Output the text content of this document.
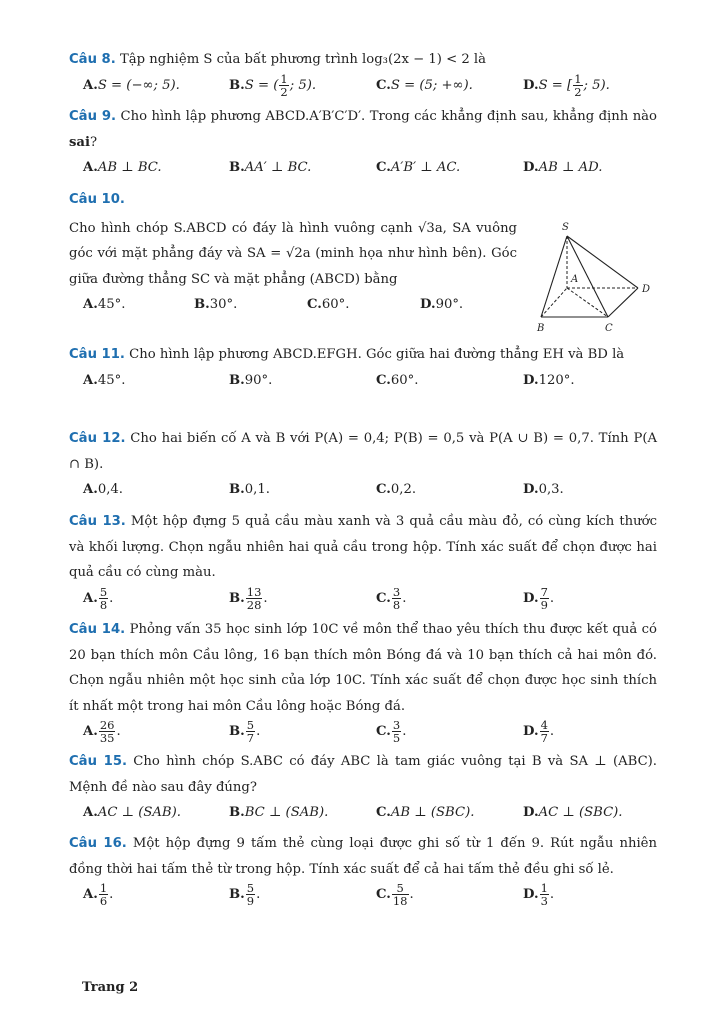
Câu 8. Tập nghiệm S của bất phương trình log₃(2x − 1) < 2 là
A.S = (−∞; 5).	B.S = ( $\frac{1}{2}$ ; 5).	C.S = (5; +∞).	D.S = [ $\frac{1}{2}$ ; 5).
Câu 9. Cho hình lập phương ABCD.A′B′C′D′. Trong các khẳng định sau, khẳng định nào sai?
A.AB ⊥ BC.	B.AA′ ⊥ BC.	C.A′B′ ⊥ AC.	D.AB ⊥ AD.
Câu 10.
Cho hình chóp S.ABCD có đáy là hình vuông cạnh √3a, SA vuông góc với mặt phẳng đáy và SA = √2a (minh họa như hình bên). Góc giữa đường thẳng SC và mặt phẳng (ABCD) bằng
A.45°.	B.30°.	C.60°.	D.90°.
S
A
B	C
D
Câu 11. Cho hình lập phương ABCD.EFGH. Góc giữa hai đường thẳng EH và BD là
A.45°.	B.90°.	C.60°.	D.120°.
Câu 12. Cho hai biến cố A và B với P(A) = 0,4; P(B) = 0,5 và P(A ∪ B) = 0,7. Tính P(A ∩ B).
A.0,4.	B.0,1.	C.0,2.	D.0,3.
Câu 13. Một hộp đựng 5 quả cầu màu xanh và 3 quả cầu màu đỏ, có cùng kích thước và khối lượng. Chọn ngẫu nhiên hai quả cầu trong hộp. Tính xác suất để chọn được hai quả cầu có cùng màu.
A. $\frac{5}{8}$ .	B. $\frac{13}{28}$ .	C. $\frac{3}{8}$ .	D. $\frac{7}{9}$ .
Câu 14. Phỏng vấn 35 học sinh lớp 10C về môn thể thao yêu thích thu được kết quả có 20 bạn thích môn Cầu lông, 16 bạn thích môn Bóng đá và 10 bạn thích cả hai môn đó. Chọn ngẫu nhiên một học sinh của lớp 10C. Tính xác suất để chọn được học sinh thích ít nhất một trong hai môn Cầu lông hoặc Bóng đá.
A. $\frac{26}{35}$ .	B. $\frac{5}{7}$ .	C. $\frac{3}{5}$ .	D. $\frac{4}{7}$ .
Câu 15. Cho hình chóp S.ABC có đáy ABC là tam giác vuông tại B và SA ⊥ (ABC). Mệnh đề nào sau đây đúng?
A.AC ⊥ (SAB).	B.BC ⊥ (SAB).	C.AB ⊥ (SBC).	D.AC ⊥ (SBC).
Câu 16. Một hộp đựng 9 tấm thẻ cùng loại được ghi số từ 1 đến 9. Rút ngẫu nhiên đồng thời hai tấm thẻ từ trong hộp. Tính xác suất để cả hai tấm thẻ đều ghi số lẻ.
A. $\frac{1}{6}$ .	B. $\frac{5}{9}$ .	C. $\frac{5}{18}$ .	D. $\frac{1}{3}$ .
Trang 2
